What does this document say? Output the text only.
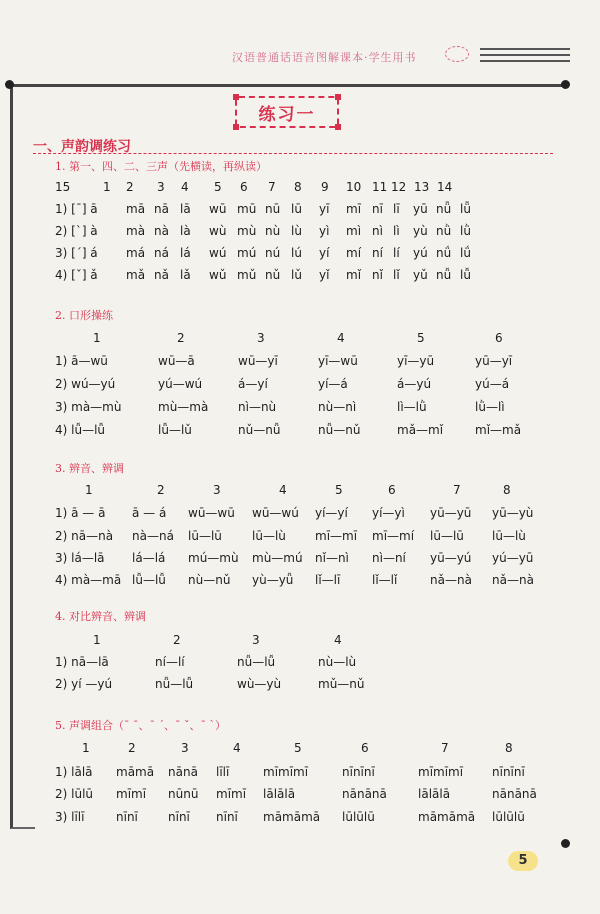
汉语普通话语音图解课本·学生用书
练习一
一、声韵调练习
1. 第一、四、二、三声（先横读，再纵读）
1 2 3 4 5 6 7 8 9 10 11 12 13 14
15
1) [ˉ] ā mā nā lā wū mū nū lū yī mī nī lī yū nǖ lǖ
2) [ˋ] à mà nà là wù mù nù lù yì mì nì lì yù nǜ lǜ
3) [ˊ] á má ná lá wú mú nú lú yí mí ní lí yú nǘ lǘ
4) [ˇ] ǎ mǎ nǎ lǎ wǔ mǔ nǔ lǔ yǐ mǐ nǐ lǐ yǔ nǚ lǚ
2. 口形操练
1	2	3	4	5	6
1) ā—wū	wū—ā	wū—yī	yī—wū	yī—yū	yū—yī
2) wú—yú	yú—wú	á—yí	yí—á	á—yú	yú—á
3) mà—mù	mù—mà nì—nù	nù—nì	lì—lǜ	lǜ—lì
4) lǚ—lǚ	lǚ—lǔ	nǔ—nǚ	nǚ—nǔ	mǎ—mǐ	mǐ—mǎ
3. 辨音、辨调
1	2	3	4	5	6	7	8
1) ā — ā ā — á wū—wū wū—wú yí—yí yí—yì yū—yū yū—yù
2) nā—nà nà—ná lū—lū	lū—lù mī—mī mī—mí lū—lū lū—lù
3) lá—lā lá—lá mú—mù mù—mú nǐ—nì nì—ní yū—yú yú—yū
4) mà—mā lǚ—lǚ nù—nǔ yù—yǚ lǐ—lī	lǐ—lǐ	nǎ—nà nǎ—nà
4. 对比辨音、辨调
1	2	3	4
1) nā—lā	ní—lí	nǚ—lǚ	nù—lù
2) yí —yú	nǚ—lǚ	wù—yù	mǔ—nǔ
5. 声调组合（ˉ ˉ、ˉ ˊ、ˉ ˇ、ˉ ˋ）
1	2	3	4	5	6	7	8
1) lālā māmā nānā līlī	mīmīmī	nīnīnī	mīmīmī nīnīnī
2) lūlū mīmī nūnū mīmī lālālā	nānānā	lālālā	nānānā
3) līlī	nīnī	nīnī nīnī māmāmā lūlūlū	māmāmā lūlūlū
5
